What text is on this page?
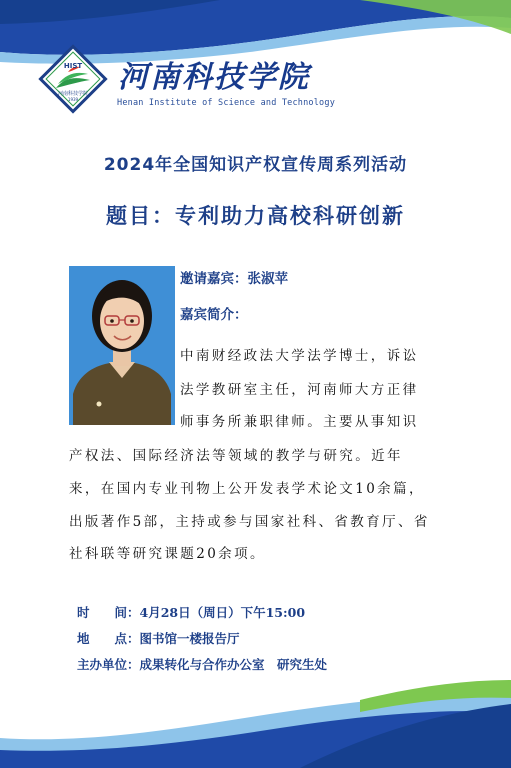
HIST
河南科技学院
1939
河南科技学院
Henan Institute of Science and Technology
2024年全国知识产权宣传周系列活动
题目：专利助力高校科研创新
邀请嘉宾：张淑苹
嘉宾简介：
中南财经政法大学法学博士，诉讼
法学教研室主任，河南师大方正律
师事务所兼职律师。主要从事知识
产权法、国际经济法等领域的教学与研究。近年
来，在国内专业刊物上公开发表学术论文10余篇，
出版著作5部，主持或参与国家社科、省教育厅、省
社科联等研究课题20余项。
时　　间：4月28日（周日）下午15:00
地　　点：图书馆一楼报告厅
主办单位：成果转化与合作办公室　研究生处
